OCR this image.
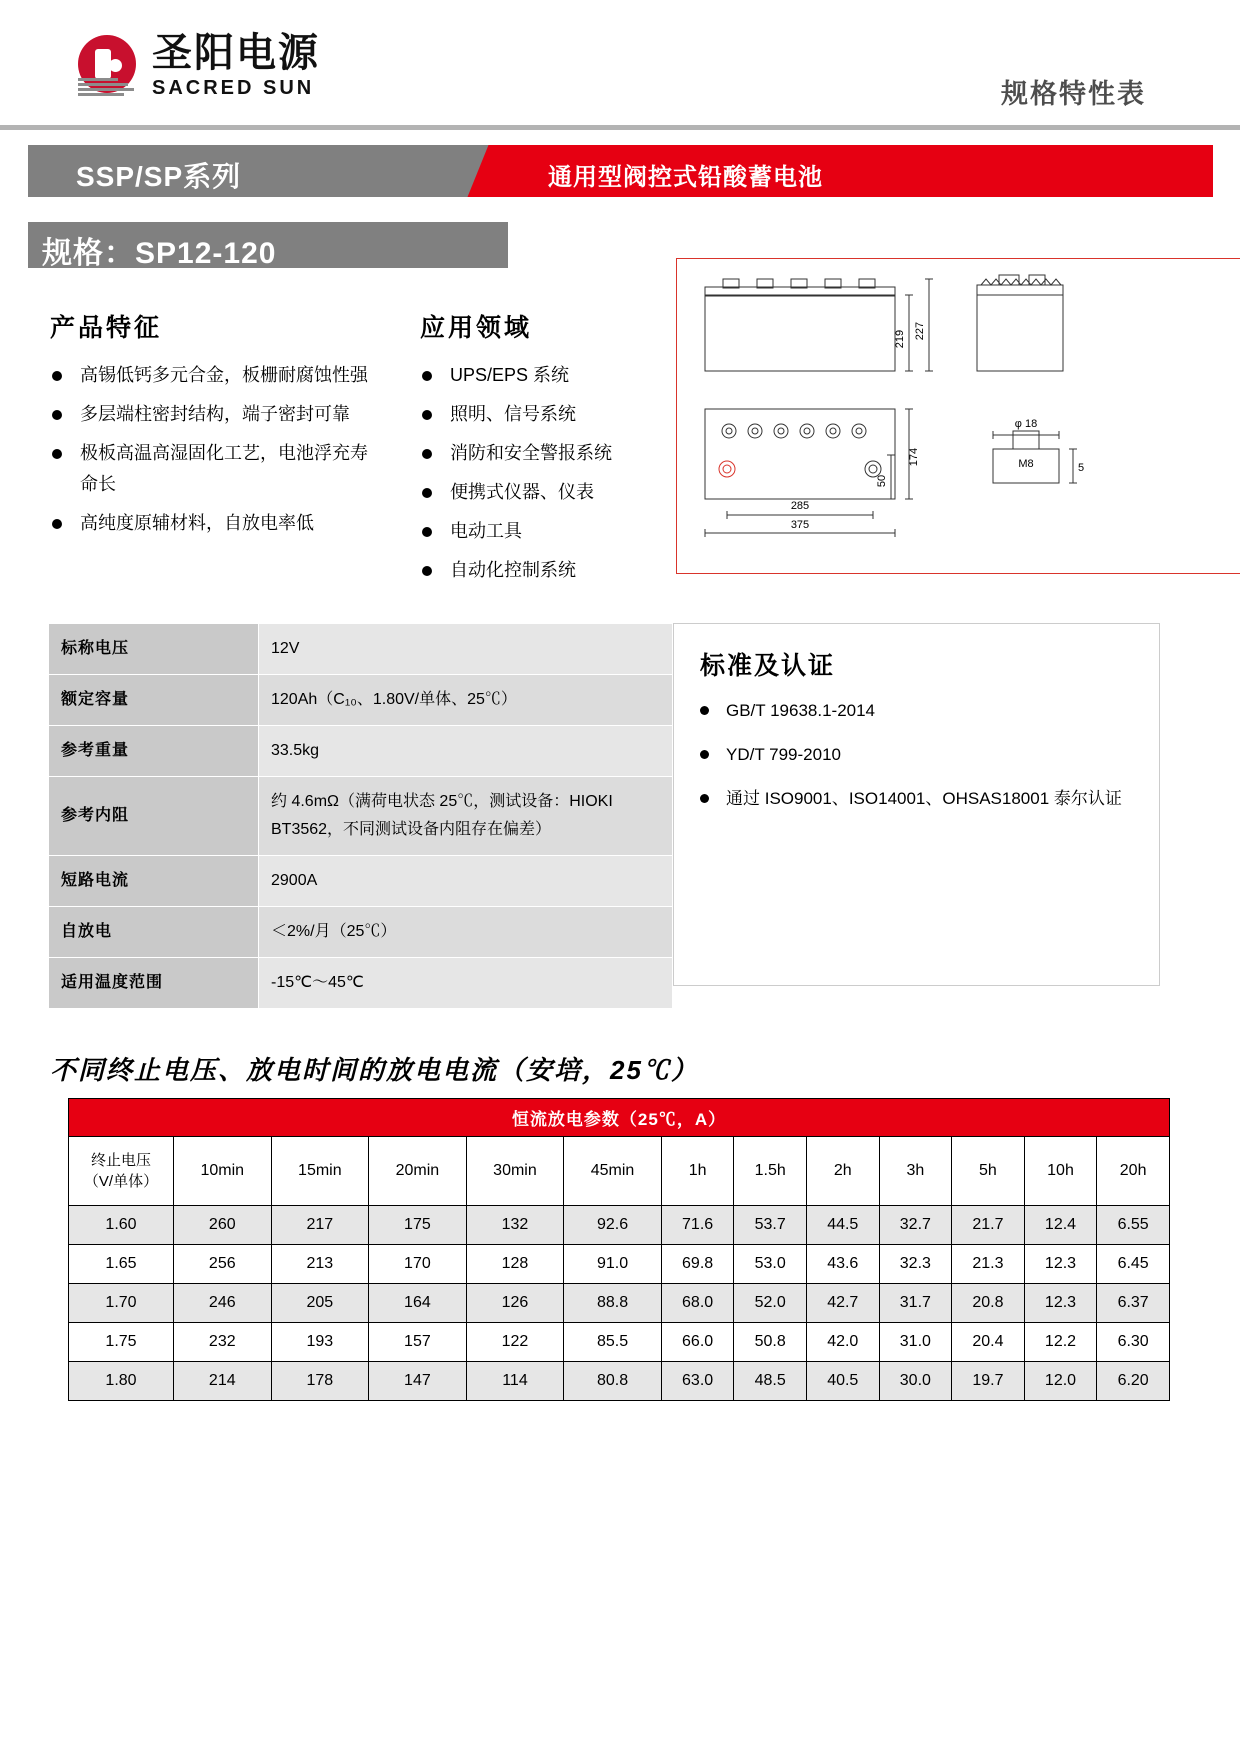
圣阳电源
SACRED SUN	规格特性表
SSP/SP系列	通用型阀控式铅酸蓄电池
规格：SP12-120
产品特征
高锡低钙多元合金，板栅耐腐蚀性强
多层端柱密封结构，端子密封可靠
极板高温高湿固化工艺，电池浮充寿命长
高纯度原辅材料，自放电率低
应用领域
UPS/EPS 系统
照明、信号系统
消防和安全警报系统
便携式仪器、仪表
电动工具
自动化控制系统
219 227
174
50
285
375
φ 18
M8	5
标称电压	12V
额定容量	120Ah（C₁₀、1.80V/单体、25℃）
参考重量	33.5kg
参考内阻	约 4.6mΩ（满荷电状态 25℃，测试设备：HIOKI BT3562，不同测试设备内阻存在偏差）
短路电流	2900A
自放电	＜2%/月（25℃）
适用温度范围	-15℃～45℃
标准及认证
GB/T 19638.1-2014
YD/T 799-2010
通过 ISO9001、ISO14001、OHSAS18001 泰尔认证
不同终止电压、放电时间的放电电流（安培，25℃）
恒流放电参数（25℃，A）												
终止电压
（V/单体）	10min	15min	20min	30min	45min	1h	1.5h	2h	3h	5h	10h	20h
1.60	260	217	175	132	92.6	71.6	53.7	44.5	32.7	21.7	12.4	6.55
1.65	256	213	170	128	91.0	69.8	53.0	43.6	32.3	21.3	12.3	6.45
1.70	246	205	164	126	88.8	68.0	52.0	42.7	31.7	20.8	12.3	6.37
1.75	232	193	157	122	85.5	66.0	50.8	42.0	31.0	20.4	12.2	6.30
1.80	214	178	147	114	80.8	63.0	48.5	40.5	30.0	19.7	12.0	6.20
